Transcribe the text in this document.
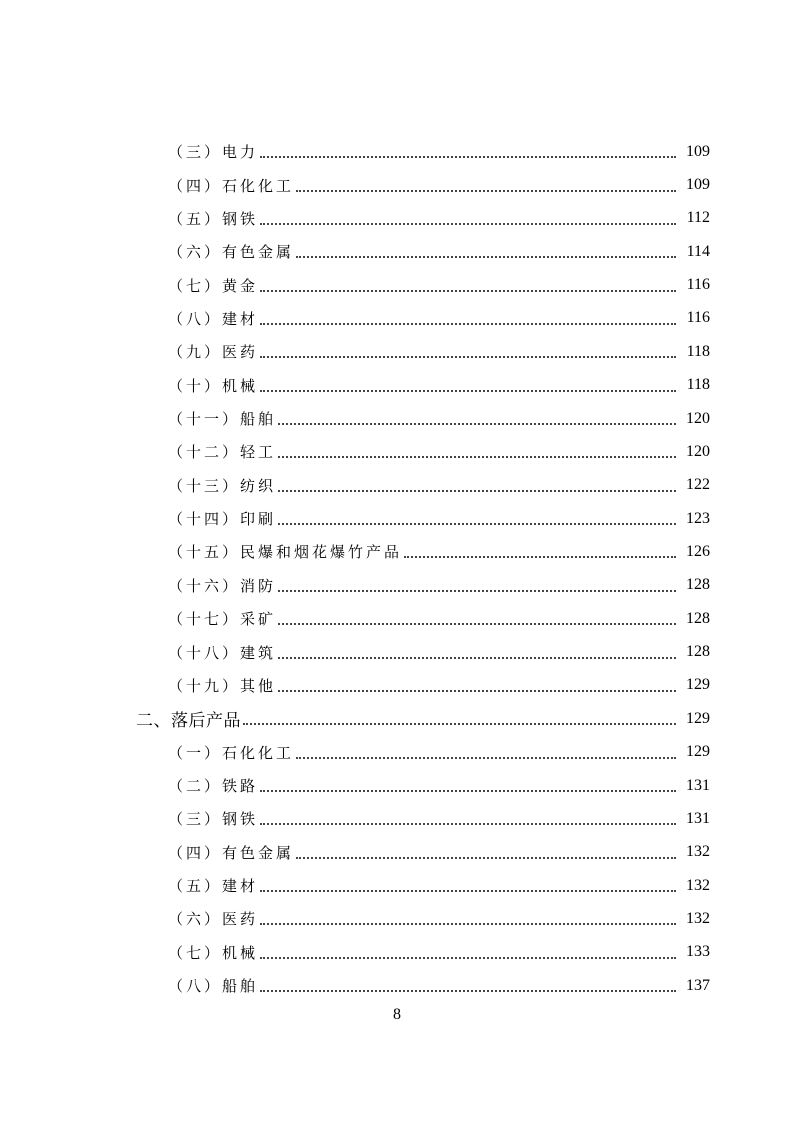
（三）电力	109
（四）石化化工	109
（五）钢铁	112
（六）有色金属	114
（七）黄金	116
（八）建材	116
（九）医药	118
（十）机械	118
（十一）船舶	120
（十二）轻工	120
（十三）纺织	122
（十四）印刷	123
（十五）民爆和烟花爆竹产品	126
（十六）消防	128
（十七）采矿	128
（十八）建筑	128
（十九）其他	129
二、落后产品	129
（一）石化化工	129
（二）铁路	131
（三）钢铁	131
（四）有色金属	132
（五）建材	132
（六）医药	132
（七）机械	133
（八）船舶	137
8
